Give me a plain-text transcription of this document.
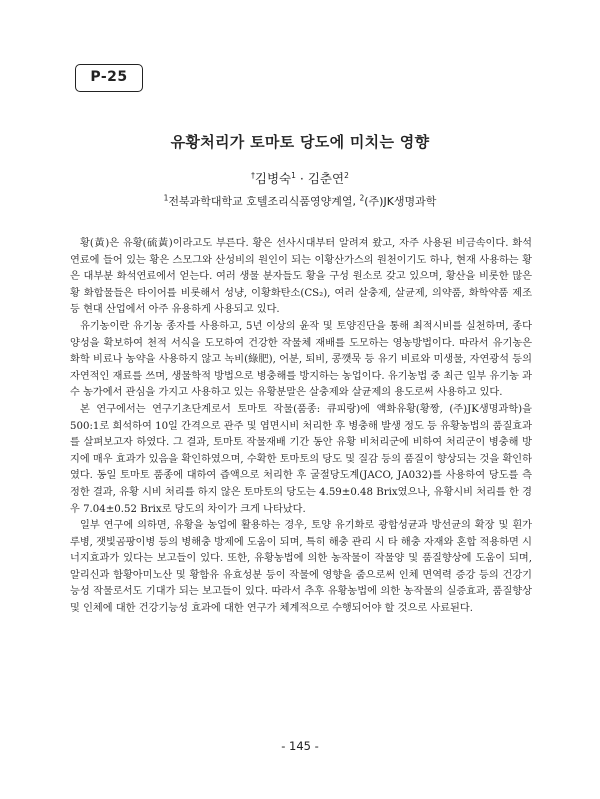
P-25
유황처리가 토마토 당도에 미치는 영향
†김병숙$^1$ · 김춘연$^2$
$^1$전북과학대학교 호텔조리식품영양계열, $^2$(주)JK생명과학

황(黃)은 유황(硫黃)이라고도 부른다. 황은 선사시대부터 알려져 왔고, 자주 사용된 비금속이다. 화석연료에 들어 있는 황은 스모그와 산성비의 원인이 되는 이황산가스의 원천이기도 하나, 현재 사용하는 황은 대부분 화석연료에서 얻는다. 여러 생물 분자들도 황을 구성 원소로 갖고 있으며, 황산을 비롯한 많은 황 화합물들은 타이어를 비롯해서 성냥, 이황화탄소(CS₂), 여러 살충제, 살균제, 의약품, 화학약품 제조 등 현대 산업에서 아주 유용하게 사용되고 있다.

유기농이란 유기농 종자를 사용하고, 5년 이상의 윤작 및 토양진단을 통해 최적시비를 실천하며, 종다양성을 확보하여 천적 서식을 도모하여 건강한 작물체 재배를 도모하는 영농방법이다. 따라서 유기농은 화학 비료나 농약을 사용하지 않고 녹비(綠肥), 어분, 퇴비, 콩깻묵 등 유기 비료와 미생물, 자연광석 등의 자연적인 재료를 쓰며, 생물학적 방법으로 병충해를 방지하는 농업이다. 유기농법 중 최근 일부 유기농 과수 농가에서 관심을 가지고 사용하고 있는 유황분말은 살충제와 살균제의 용도로써 사용하고 있다.

본 연구에서는 연구기초단계로서 토마토 작물(품종: 큐피랑)에 액화유황(황짱, (주)JK생명과학)을 500:1로 희석하여 10일 간격으로 관주 및 엽면시비 처리한 후 병충해 발생 정도 등 유황농법의 품질효과를 살펴보고자 하였다. 그 결과, 토마토 작물재배 기간 동안 유황 비처리군에 비하여 처리군이 병충해 방지에 매우 효과가 있음을 확인하였으며, 수확한 토마토의 당도 및 질감 등의 품질이 향상되는 것을 확인하였다. 동일 토마토 품종에 대하여 즙액으로 처리한 후 굴절당도계(JACO, JA032)를 사용하여 당도를 측정한 결과, 유황 시비 처리를 하지 않은 토마토의 당도는 4.59±0.48 Brix였으나, 유황시비 처리를 한 경우 7.04±0.52 Brix로 당도의 차이가 크게 나타났다.

일부 연구에 의하면, 유황을 농업에 활용하는 경우, 토양 유기화로 광합성균과 방선균의 확장 및 흰가루병, 잿빛곰팡이병 등의 병해충 방제에 도움이 되며, 특히 해충 관리 시 타 해충 자재와 혼합 적용하면 시너지효과가 있다는 보고들이 있다. 또한, 유황농법에 의한 농작물이 작물양 및 품질향상에 도움이 되며, 알리신과 함황아미노산 및 황함유 유효성분 등이 작물에 영향을 줌으로써 인체 면역력 증강 등의 건강기능성 작물로서도 기대가 되는 보고들이 있다. 따라서 추후 유황농법에 의한 농작물의 실증효과, 품질향상 및 인체에 대한 건강기능성 효과에 대한 연구가 체계적으로 수행되어야 할 것으로 사료된다.

- 145 -
